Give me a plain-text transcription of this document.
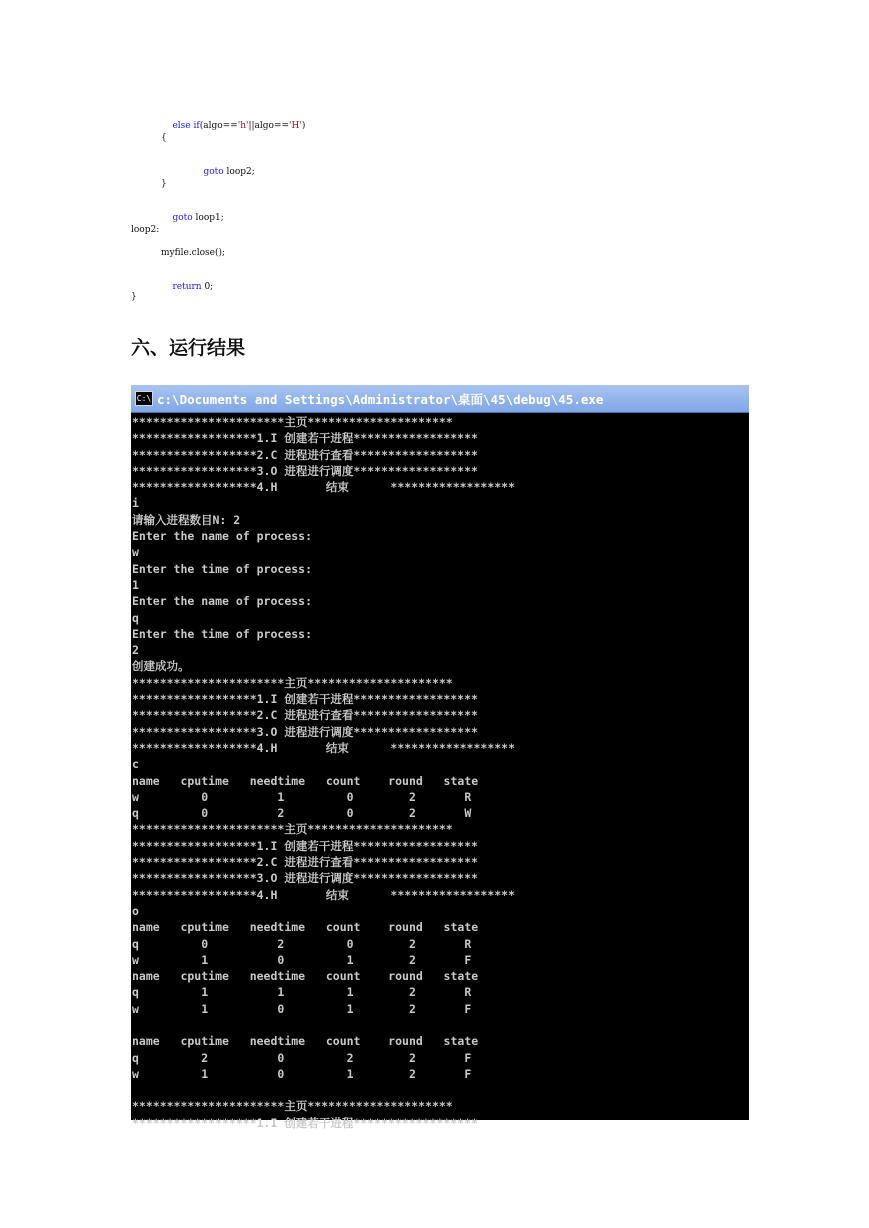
else if(algo=='h'||algo=='H')

{

goto loop2;

}

goto loop1;

loop2:
myfile.close();

return 0;

}
六、运行结果
C:\ c:\Documents and Settings\Administrator\桌面\45\debug\45.exe
**********************主页*********************
******************1.I 创建若干进程******************
******************2.C 进程进行查看******************
******************3.O 进程进行调度******************
******************4.H       结束      ******************
i
请输入进程数目N: 2
Enter the name of process:
w
Enter the time of process:
1
Enter the name of process:
q
Enter the time of process:
2
创建成功。
**********************主页*********************
******************1.I 创建若干进程******************
******************2.C 进程进行查看******************
******************3.O 进程进行调度******************
******************4.H       结束      ******************
c
name   cputime   needtime   count    round   state
w         0          1         0        2       R
q         0          2         0        2       W
**********************主页*********************
******************1.I 创建若干进程******************
******************2.C 进程进行查看******************
******************3.O 进程进行调度******************
******************4.H       结束      ******************
o
name   cputime   needtime   count    round   state
q         0          2         0        2       R
w         1          0         1        2       F
name   cputime   needtime   count    round   state
q         1          1         1        2       R
w         1          0         1        2       F
name   cputime   needtime   count    round   state
q         2          0         2        2       F
w         1          0         1        2       F
**********************主页*********************
******************1.I 创建若干进程******************
